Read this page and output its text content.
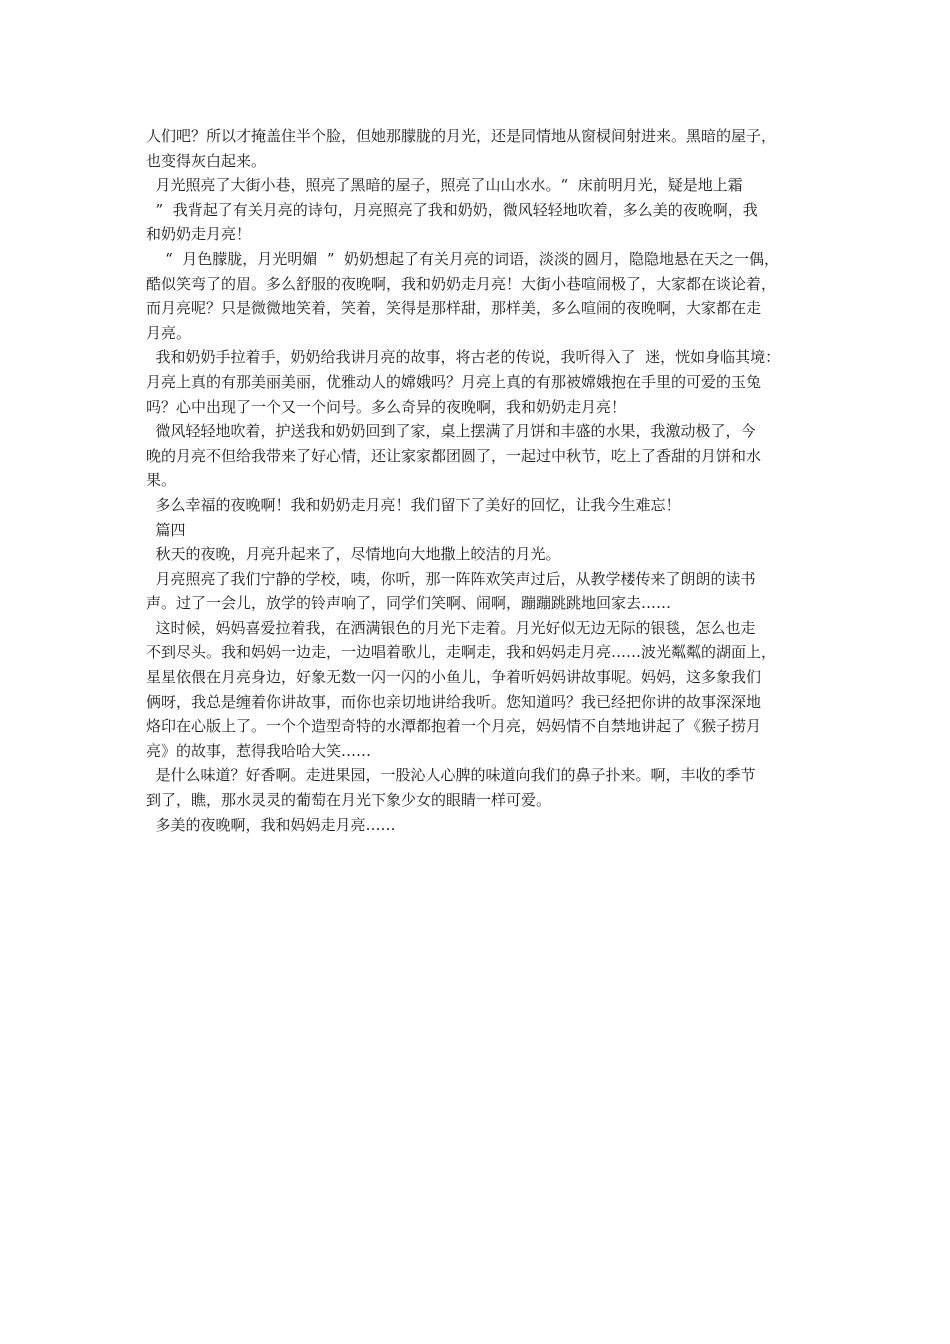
人们吧？所以才掩盖住半个脸，但她那朦胧的月光，还是同情地从窗棂间射进来。黑暗的屋子，
也变得灰白起来。
月光照亮了大街小巷，照亮了黑暗的屋子，照亮了山山水水。“  床前明月光，疑是地上霜
”  我背起了有关月亮的诗句，月亮照亮了我和奶奶，微风轻轻地吹着，多么美的夜晚啊，我
和奶奶走月亮！
“  月色朦胧，月光明媚  ”  奶奶想起了有关月亮的词语，淡淡的圆月，隐隐地悬在天之一偶，
酷似笑弯了的眉。多么舒服的夜晚啊，我和奶奶走月亮！大街小巷喧闹极了，大家都在谈论着，
而月亮呢？只是微微地笑着，笑着，笑得是那样甜，那样美，多么喧闹的夜晚啊，大家都在走
月亮。
我和奶奶手拉着手，奶奶给我讲月亮的故事，将古老的传说，我听得入了  迷，恍如身临其境：
月亮上真的有那美丽美丽，优雅动人的嫦娥吗？月亮上真的有那被嫦娥抱在手里的可爱的玉兔
吗？心中出现了一个又一个问号。多么奇异的夜晚啊，我和奶奶走月亮！
微风轻轻地吹着，护送我和奶奶回到了家，桌上摆满了月饼和丰盛的水果，我激动极了，今
晚的月亮不但给我带来了好心情，还让家家都团圆了，一起过中秋节，吃上了香甜的月饼和水
果。
多么幸福的夜晚啊！我和奶奶走月亮！我们留下了美好的回忆，让我今生难忘！
篇四
秋天的夜晚，月亮升起来了，尽情地向大地撒上皎洁的月光。
月亮照亮了我们宁静的学校，咦，你听，那一阵阵欢笑声过后，从教学楼传来了朗朗的读书
声。过了一会儿，放学的铃声响了，同学们笑啊、闹啊，蹦蹦跳跳地回家去……
这时候，妈妈喜爱拉着我，在洒满银色的月光下走着。月光好似无边无际的银毯，怎么也走
不到尽头。我和妈妈一边走，一边唱着歌儿，走啊走，我和妈妈走月亮……波光粼粼的湖面上，
星星依偎在月亮身边，好象无数一闪一闪的小鱼儿，争着听妈妈讲故事呢。妈妈，这多象我们
俩呀，我总是缠着你讲故事，而你也亲切地讲给我听。您知道吗？我已经把你讲的故事深深地
烙印在心版上了。一个个造型奇特的水潭都抱着一个月亮，妈妈情不自禁地讲起了《猴子捞月
亮》的故事，惹得我哈哈大笑……
是什么味道？好香啊。走进果园，一股沁人心脾的味道向我们的鼻子扑来。啊，丰收的季节
到了，瞧，那水灵灵的葡萄在月光下象少女的眼睛一样可爱。
多美的夜晚啊，我和妈妈走月亮……
